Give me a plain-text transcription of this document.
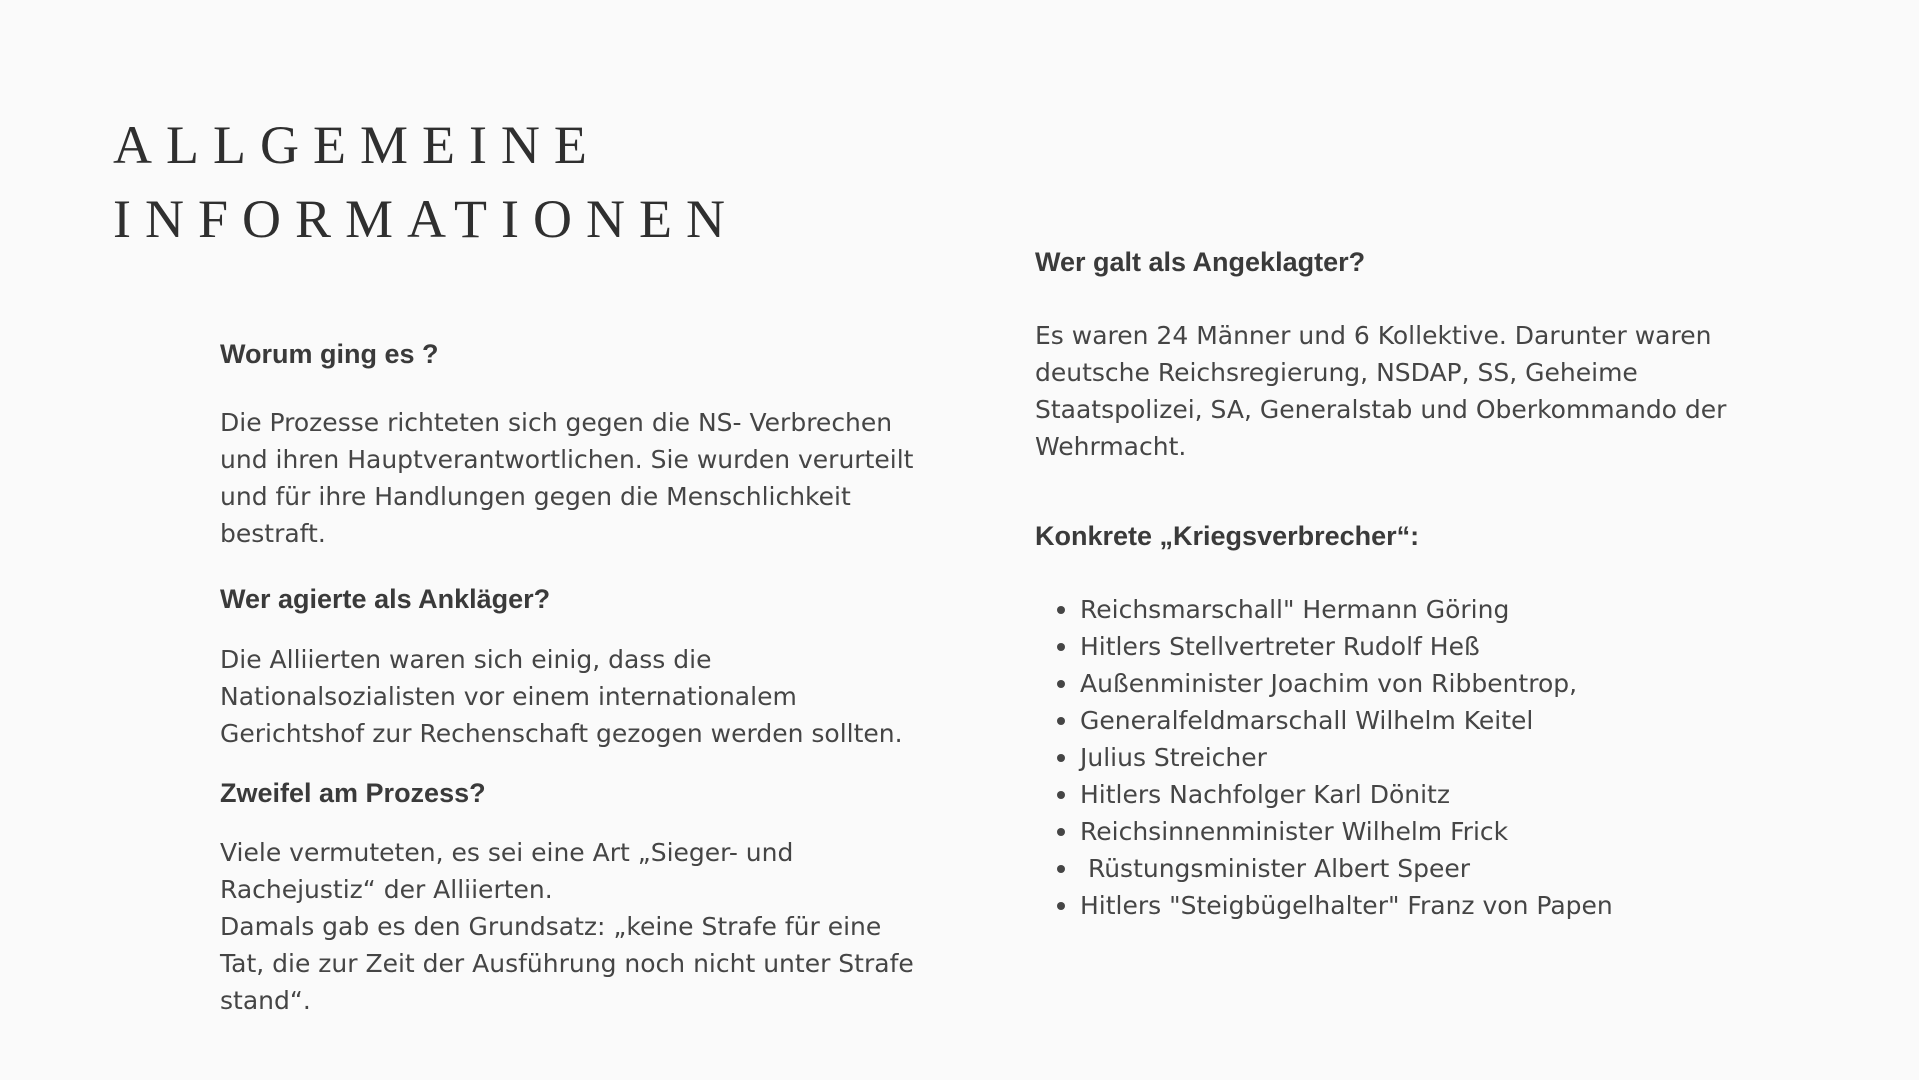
ALLGEMEINE
INFORMATIONEN
Worum ging es ?

Die Prozesse richteten sich gegen die NS- Verbrechen
und ihren Hauptverantwortlichen. Sie wurden verurteilt
und für ihre Handlungen gegen die Menschlichkeit
bestraft.

Wer agierte als Ankläger?

Die Alliierten waren sich einig, dass die
Nationalsozialisten vor einem internationalem
Gerichtshof zur Rechenschaft gezogen werden sollten.

Zweifel am Prozess?

Viele vermuteten, es sei eine Art „Sieger- und
Rachejustiz“ der Alliierten.
Damals gab es den Grundsatz: „keine Strafe für eine
Tat, die zur Zeit der Ausführung noch nicht unter Strafe
stand“.

Wer galt als Angeklagter?

Es waren 24 Männer und 6 Kollektive. Darunter waren
deutsche Reichsregierung, NSDAP, SS, Geheime
Staatspolizei, SA, Generalstab und Oberkommando der
Wehrmacht.

Konkrete „Kriegsverbrecher“:
Reichsmarschall" Hermann Göring
Hitlers Stellvertreter Rudolf Heß
Außenminister Joachim von Ribbentrop,
Generalfeldmarschall Wilhelm Keitel
Julius Streicher
Hitlers Nachfolger Karl Dönitz
Reichsinnenminister Wilhelm Frick
Rüstungsminister Albert Speer
Hitlers "Steigbügelhalter" Franz von Papen
